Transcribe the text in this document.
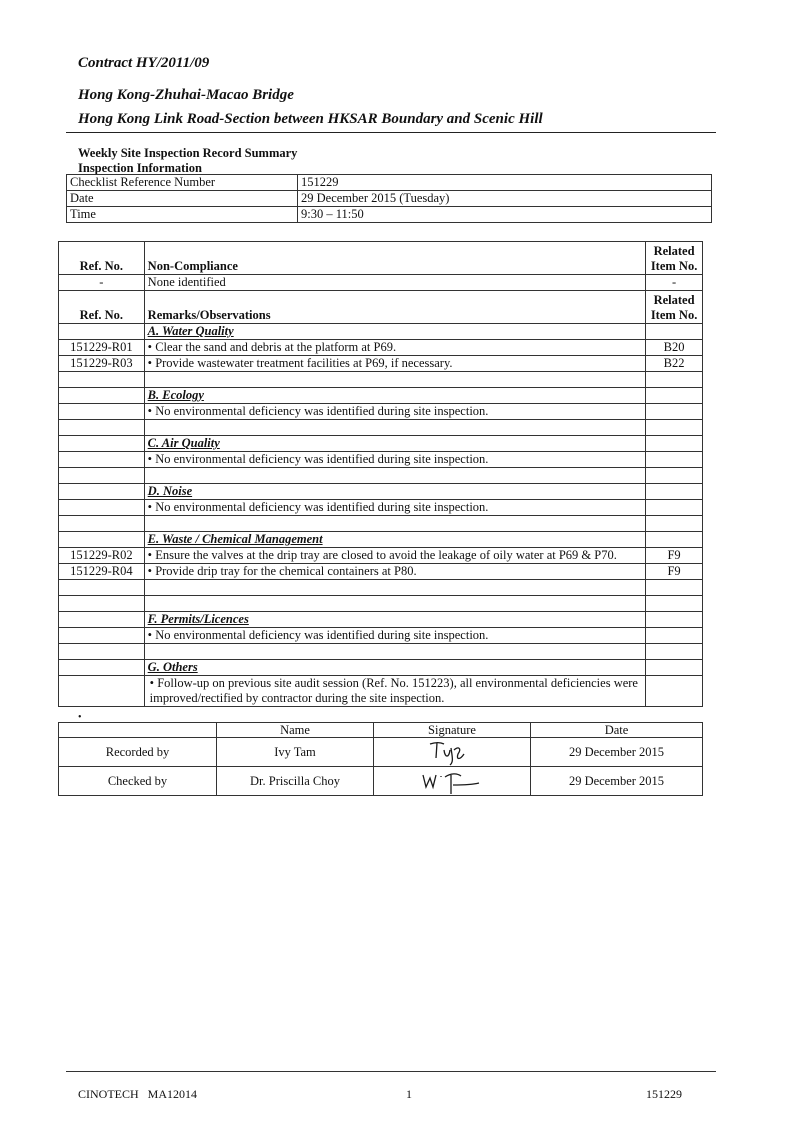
Contract HY/2011/09
Hong Kong-Zhuhai-Macao Bridge
Hong Kong Link Road-Section between HKSAR Boundary and Scenic Hill
Weekly Site Inspection Record Summary
Inspection Information
Checklist Reference Number	151229
Date	29 December 2015 (Tuesday)
Time	9:30 – 11:50
Ref. No.	Non-Compliance	Related Item No.
-	None identified	-
Ref. No.	Remarks/Observations	Related Item No.
	A. Water Quality	
151229-R01	• Clear the sand and debris at the platform at P69.	B20
151229-R03	• Provide wastewater treatment facilities at P69, if necessary.	B22

	B. Ecology	
	• No environmental deficiency was identified during site inspection.	

	C. Air Quality	
	• No environmental deficiency was identified during site inspection.	

	D. Noise	
	• No environmental deficiency was identified during site inspection.	

	E. Waste / Chemical Management	
151229-R02	• Ensure the valves at the drip tray are closed to avoid the leakage of oily water at P69 & P70.	F9
151229-R04	• Provide drip tray for the chemical containers at P80.	F9

	F. Permits/Licences	
	• No environmental deficiency was identified during site inspection.	

	G. Others	
	• Follow-up on previous site audit session (Ref. No. 151223), all environmental deficiencies were improved/rectified by contractor during the site inspection.	
•
	Name	Signature	Date
Recorded by	Ivy Tam		29 December 2015
Checked by	Dr. Priscilla Choy		29 December 2015
CINOTECH   MA12014	1	151229
